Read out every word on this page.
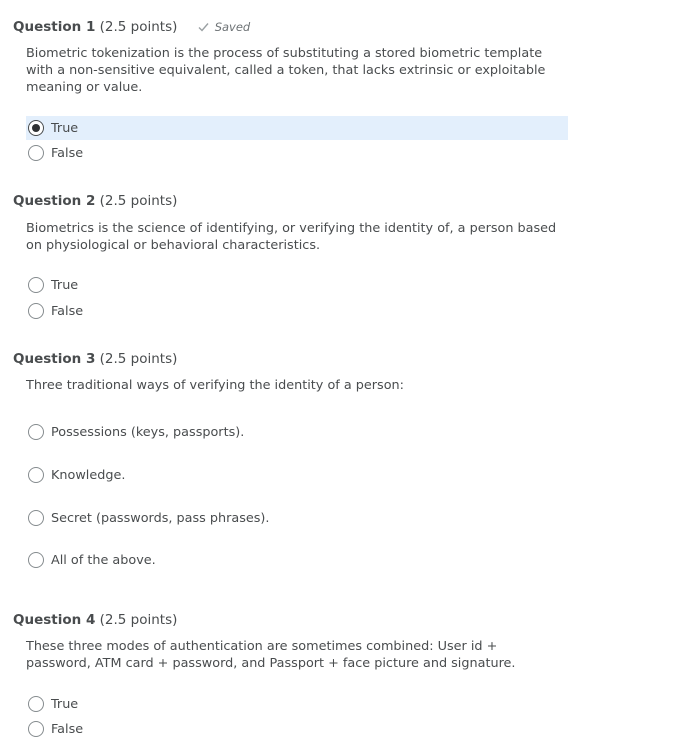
Question 1 (2.5 points)	Saved
Biometric tokenization is the process of substituting a stored biometric template with a non-sensitive equivalent, called a token, that lacks extrinsic or exploitable meaning or value.
True
False
Question 2 (2.5 points)
Biometrics is the science of identifying, or verifying the identity of, a person based on physiological or behavioral characteristics.
True
False
Question 3 (2.5 points)
Three traditional ways of verifying the identity of a person:
Possessions (keys, passports).
Knowledge.
Secret (passwords, pass phrases).
All of the above.
Question 4 (2.5 points)
These three modes of authentication are sometimes combined: User id + password, ATM card + password, and Passport + face picture and signature.
True
False
